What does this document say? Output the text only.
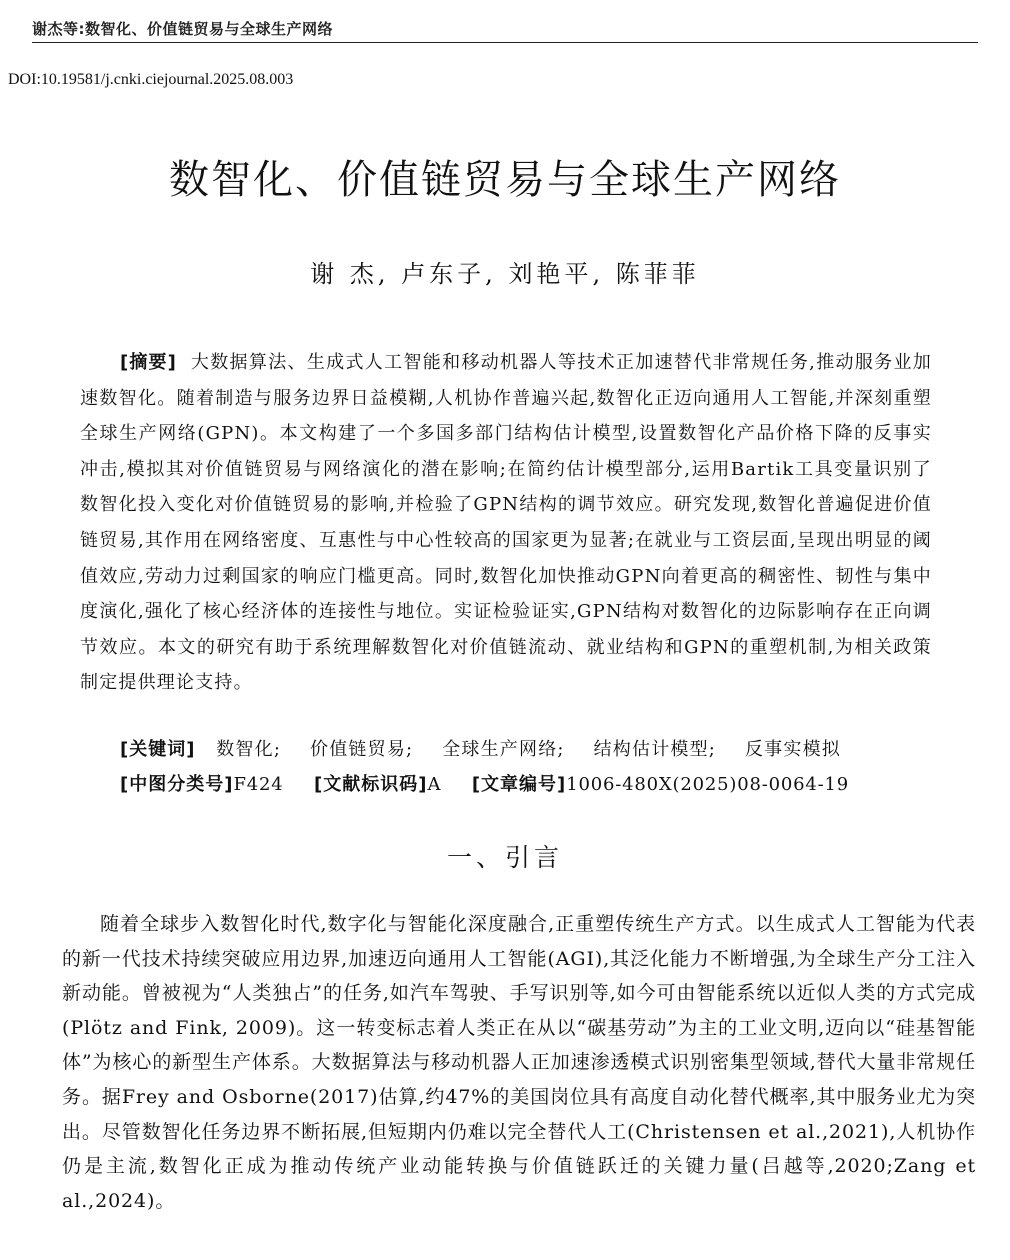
谢杰等:数智化、价值链贸易与全球生产网络
DOI:10.19581/j.cnki.ciejournal.2025.08.003
数智化、价值链贸易与全球生产网络
谢 杰, 卢东子, 刘艳平, 陈菲菲
[摘要] 大数据算法、生成式人工智能和移动机器人等技术正加速替代非常规任务,推动服务业加速数智化。随着制造与服务边界日益模糊,人机协作普遍兴起,数智化正迈向通用人工智能,并深刻重塑全球生产网络(GPN)。本文构建了一个多国多部门结构估计模型,设置数智化产品价格下降的反事实冲击,模拟其对价值链贸易与网络演化的潜在影响;在简约估计模型部分,运用Bartik工具变量识别了数智化投入变化对价值链贸易的影响,并检验了GPN结构的调节效应。研究发现,数智化普遍促进价值链贸易,其作用在网络密度、互惠性与中心性较高的国家更为显著;在就业与工资层面,呈现出明显的阈值效应,劳动力过剩国家的响应门槛更高。同时,数智化加快推动GPN向着更高的稠密性、韧性与集中度演化,强化了核心经济体的连接性与地位。实证检验证实,GPN结构对数智化的边际影响存在正向调节效应。本文的研究有助于系统理解数智化对价值链流动、就业结构和GPN的重塑机制,为相关政策制定提供理论支持。
[关键词] 数智化; 价值链贸易; 全球生产网络; 结构估计模型; 反事实模拟
[中图分类号]F424 [文献标识码]A [文章编号]1006-480X(2025)08-0064-19
一、引言
随着全球步入数智化时代,数字化与智能化深度融合,正重塑传统生产方式。以生成式人工智能为代表的新一代技术持续突破应用边界,加速迈向通用人工智能(AGI),其泛化能力不断增强,为全球生产分工注入新动能。曾被视为“人类独占”的任务,如汽车驾驶、手写识别等,如今可由智能系统以近似人类的方式完成(Plötz and Fink, 2009)。这一转变标志着人类正在从以“碳基劳动”为主的工业文明,迈向以“硅基智能体”为核心的新型生产体系。大数据算法与移动机器人正加速渗透模式识别密集型领域,替代大量非常规任务。据Frey and Osborne(2017)估算,约47%的美国岗位具有高度自动化替代概率,其中服务业尤为突出。尽管数智化任务边界不断拓展,但短期内仍难以完全替代人工(Christensen et al.,2021),人机协作仍是主流,数智化正成为推动传统产业动能转换与价值链跃迁的关键力量(吕越等,2020;Zang et al.,2024)。
